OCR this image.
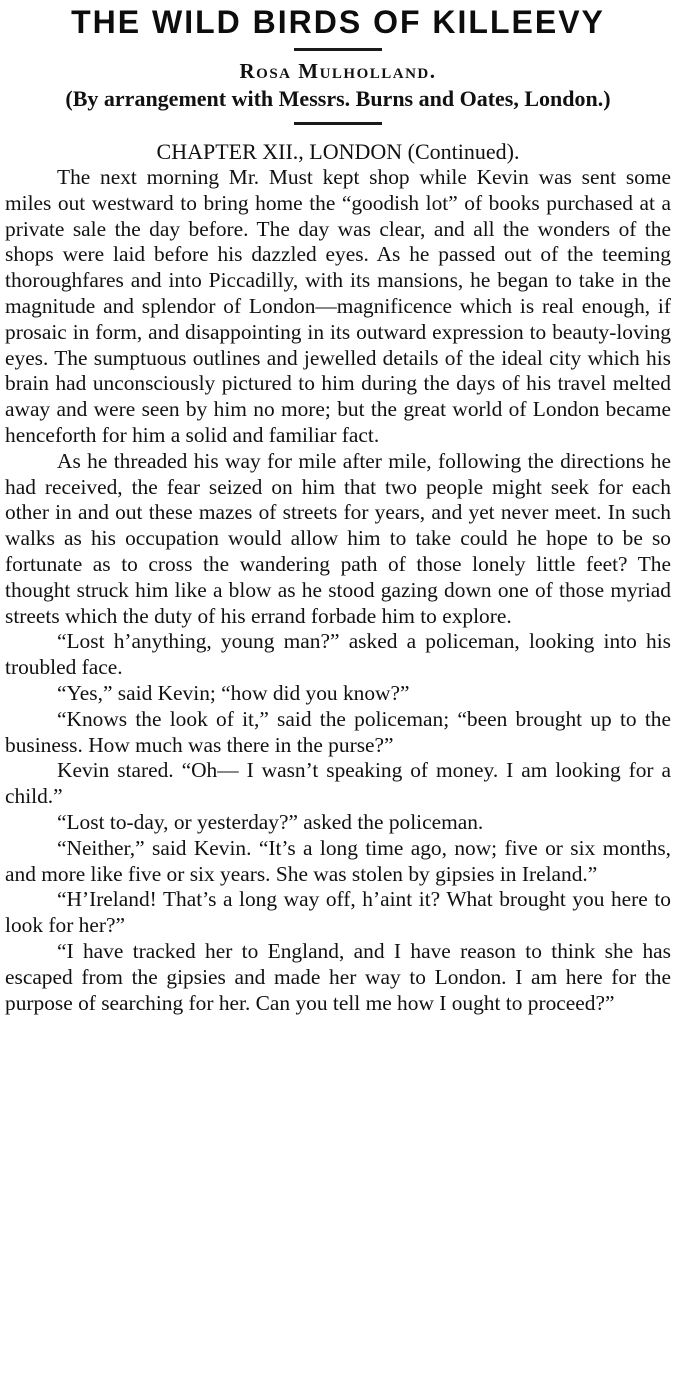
THE WILD BIRDS OF KILLEEVY
Rosa Mulholland.
(By arrangement with Messrs. Burns and Oates, London.)
CHAPTER XII., LONDON (Continued).

The next morning Mr. Must kept shop while Kevin was sent some miles out westward to bring home the “goodish lot” of books purchased at a private sale the day before. The day was clear, and all the wonders of the shops were laid before his dazzled eyes. As he passed out of the teeming thoroughfares and into Piccadilly, with its mansions, he began to take in the magnitude and splendor of London—magnificence which is real enough, if prosaic in form, and disappointing in its outward expression to beauty-loving eyes. The sumptuous outlines and jewelled details of the ideal city which his brain had unconsciously pictured to him during the days of his travel melted away and were seen by him no more; but the great world of London became henceforth for him a solid and familiar fact.

As he threaded his way for mile after mile, following the directions he had received, the fear seized on him that two people might seek for each other in and out these mazes of streets for years, and yet never meet. In such walks as his occupation would allow him to take could he hope to be so fortunate as to cross the wandering path of those lonely little feet? The thought struck him like a blow as he stood gazing down one of those myriad streets which the duty of his errand forbade him to explore.

“Lost h’anything, young man?” asked a policeman, looking into his troubled face.

“Yes,” said Kevin; “how did you know?”

“Knows the look of it,” said the policeman; “been brought up to the business. How much was there in the purse?”

Kevin stared. “Oh— I wasn’t speaking of money. I am looking for a child.”

“Lost to-day, or yesterday?” asked the policeman.

“Neither,” said Kevin. “It’s a long time ago, now; five or six months, and more like five or six years. She was stolen by gipsies in Ireland.”

“H’Ireland! That’s a long way off, h’aint it? What brought you here to look for her?”

“I have tracked her to England, and I have reason to think she has escaped from the gipsies and made her way to London. I am here for the purpose of searching for her. Can you tell me how I ought to proceed?”
